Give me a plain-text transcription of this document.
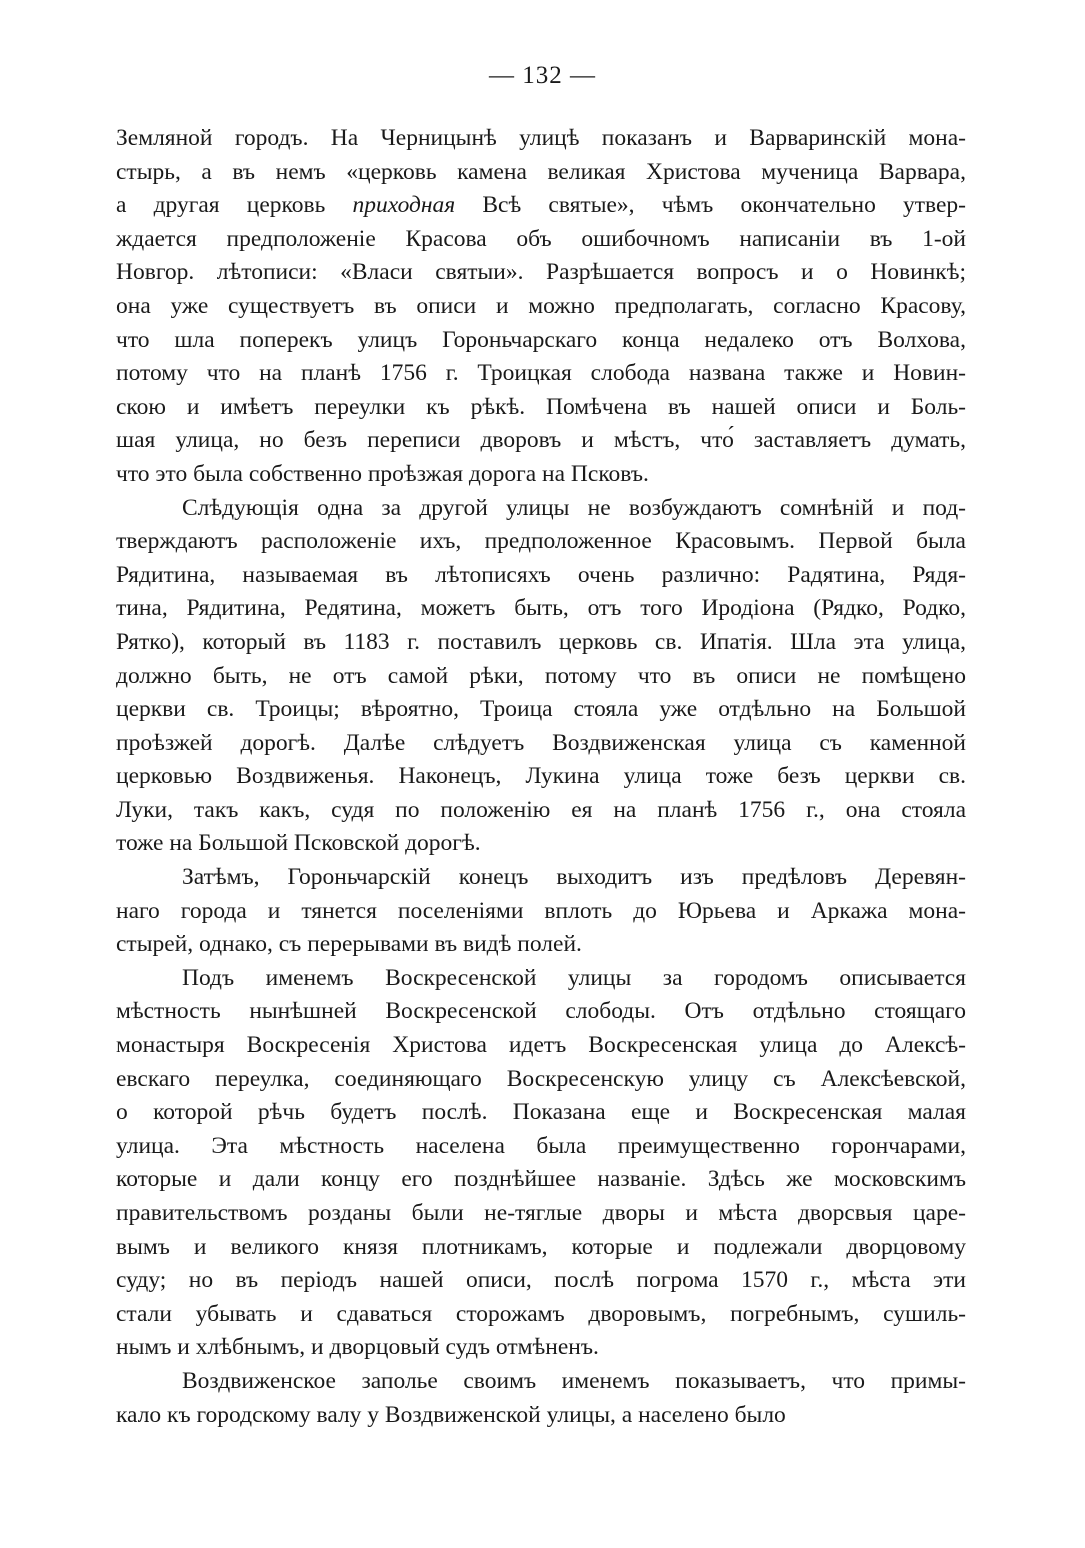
— 132 —
Земляной городъ. На Черницынѣ улицѣ показанъ и Варваринскій мона-
стырь, а въ немъ «церковь камена великая Христова мученица Варвара,
а другая церковь приходная Всѣ святые», чѣмъ окончательно утвер-
ждается предположеніе Красова объ ошибочномъ написаніи въ 1-ой
Новгор. лѣтописи: «Власи святыи». Разрѣшается вопросъ и о Новинкѣ;
она уже существуетъ въ описи и можно предполагать, согласно Красову,
что шла поперекъ улицъ Гороньчарскаго конца недалеко отъ Волхова,
потому что на планѣ 1756 г. Троицкая слобода названа также и Новин-
скою и имѣетъ переулки къ рѣкѣ. Помѣчена въ нашей описи и Боль-
шая улица, но безъ переписи дворовъ и мѣстъ, что́ заставляетъ думать,
что это была собственно проѣзжая дорога на Псковъ.
Слѣдующія одна за другой улицы не возбуждаютъ сомнѣній и под-
тверждаютъ расположеніе ихъ, предположенное Красовымъ. Первой была
Рядитина, называемая въ лѣтописяхъ очень различно: Радятина, Рядя-
тина, Рядитина, Редятина, можетъ быть, отъ того Иродіона (Рядко, Родко,
Рятко), который въ 1183 г. поставилъ церковь св. Ипатія. Шла эта улица,
должно быть, не отъ самой рѣки, потому что въ описи не помѣщено
церкви св. Троицы; вѣроятно, Троица стояла уже отдѣльно на Большой
проѣзжей дорогѣ. Далѣе слѣдуетъ Воздвиженская улица съ каменной
церковью Воздвиженья. Наконецъ, Лукина улица тоже безъ церкви св.
Луки, такъ какъ, судя по положенію ея на планѣ 1756 г., она стояла
тоже на Большой Псковской дорогѣ.
Затѣмъ, Гороньчарскій конецъ выходитъ изъ предѣловъ Деревян-
наго города и тянется поселеніями вплоть до Юрьева и Аркажа мона-
стырей, однако, съ перерывами въ видѣ полей.
Подъ именемъ Воскресенской улицы за городомъ описывается
мѣстность нынѣшней Воскресенской слободы. Отъ отдѣльно стоящаго
монастыря Воскресенія Христова идетъ Воскресенская улица до Алексѣ-
евскаго переулка, соединяющаго Воскресенскую улицу съ Алексѣевской,
о которой рѣчь будетъ послѣ. Показана еще и Воскресенская малая
улица. Эта мѣстность населена была преимущественно горончарами,
которые и дали концу его позднѣйшее названіе. Здѣсь же московскимъ
правительствомъ розданы были не-тяглые дворы и мѣста дворсвыя царе-
вымъ и великого князя плотникамъ, которые и подлежали дворцовому
суду; но въ періодъ нашей описи, послѣ погрома 1570 г., мѣста эти
стали убывать и сдаваться сторожамъ дворовымъ, погребнымъ, сушиль-
нымъ и хлѣбнымъ, и дворцовый судъ отмѣненъ.
Воздвиженское заполье своимъ именемъ показываетъ, что примы-
кало къ городскому валу у Воздвиженской улицы, а населено было
